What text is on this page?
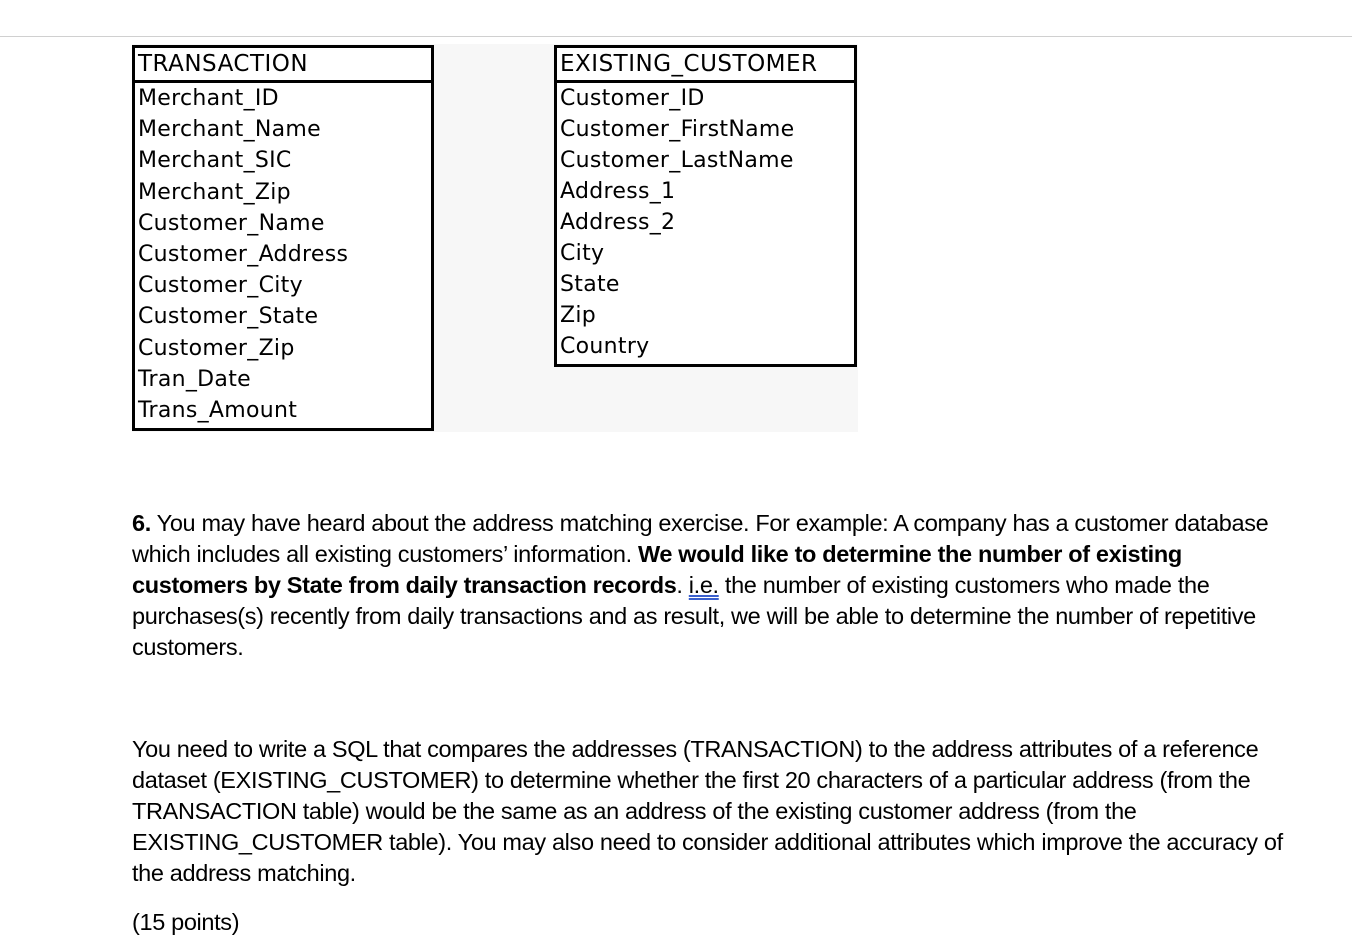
TRANSACTION
Merchant_ID
Merchant_Name
Merchant_SIC
Merchant_Zip
Customer_Name
Customer_Address
Customer_City
Customer_State
Customer_Zip
Tran_Date
Trans_Amount
EXISTING_CUSTOMER
Customer_ID
Customer_FirstName
Customer_LastName
Address_1
Address_2
City
State
Zip
Country

6. You may have heard about the address matching exercise. For example: A company has a customer database which includes all existing customers’ information. We would like to determine the number of existing customers by State from daily transaction records. i.e. the number of existing customers who made the purchases(s) recently from daily transactions and as result, we will be able to determine the number of repetitive customers.

You need to write a SQL that compares the addresses (TRANSACTION) to the address attributes of a reference dataset (EXISTING_CUSTOMER) to determine whether the first 20 characters of a particular address (from the TRANSACTION table) would be the same as an address of the existing customer address (from the EXISTING_CUSTOMER table). You may also need to consider additional attributes which improve the accuracy of the address matching.

(15 points)
